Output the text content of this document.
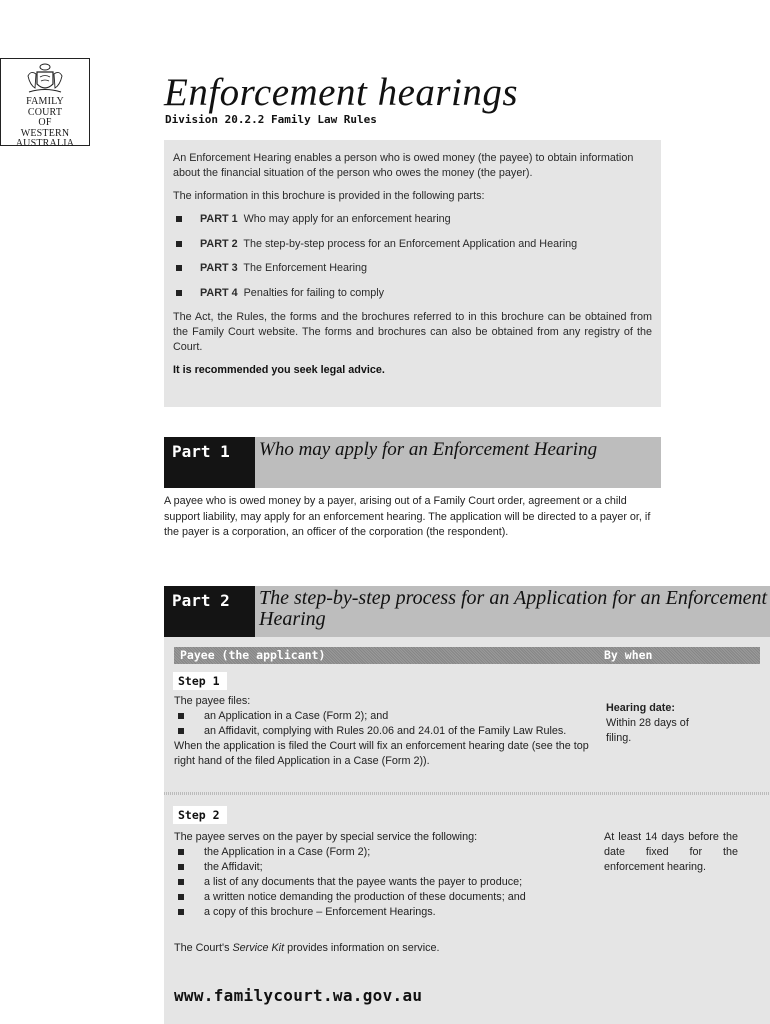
FAMILY
COURT
OF
WESTERN
AUSTRALIA
Enforcement hearings
Division 20.2.2 Family Law Rules

An Enforcement Hearing enables a person who is owed money (the payee) to obtain information about the financial situation of the person who owes the money (the payer).

The information in this brochure is provided in the following parts:

PART 1 Who may apply for an enforcement hearing
PART 2 The step-by-step process for an Enforcement Application and Hearing
PART 3 The Enforcement Hearing
PART 4 Penalties for failing to comply

The Act, the Rules, the forms and the brochures referred to in this brochure can be obtained from the Family Court website. The forms and brochures can also be obtained from any registry of the Court.

It is recommended you seek legal advice.

Part 1	Who may apply for an Enforcement Hearing
A payee who is owed money by a payer, arising out of a Family Court order, agreement or a child support liability, may apply for an enforcement hearing. The application will be directed to a payer or, if the payer is a corporation, an officer of the corporation (the respondent).
Part 2	The step-by-step process for an Application for an Enforcement Hearing
Payee (the applicant)	By when
Step 1
The payee files:
an Application in a Case (Form 2); and
an Affidavit, complying with Rules 20.06 and 24.01 of the Family Law Rules.
When the application is filed the Court will fix an enforcement hearing date (see the top right hand of the filed Application in a Case (Form 2)).
Hearing date:
Within 28 days of filing.
Step 2
The payee serves on the payer by special service the following:
the Application in a Case (Form 2);
the Affidavit;
a list of any documents that the payee wants the payer to produce;
a written notice demanding the production of these documents; and
a copy of this brochure – Enforcement Hearings.
At least 14 days before the date fixed for the enforcement hearing.
The Court's Service Kit provides information on service.
www.familycourt.wa.gov.au
